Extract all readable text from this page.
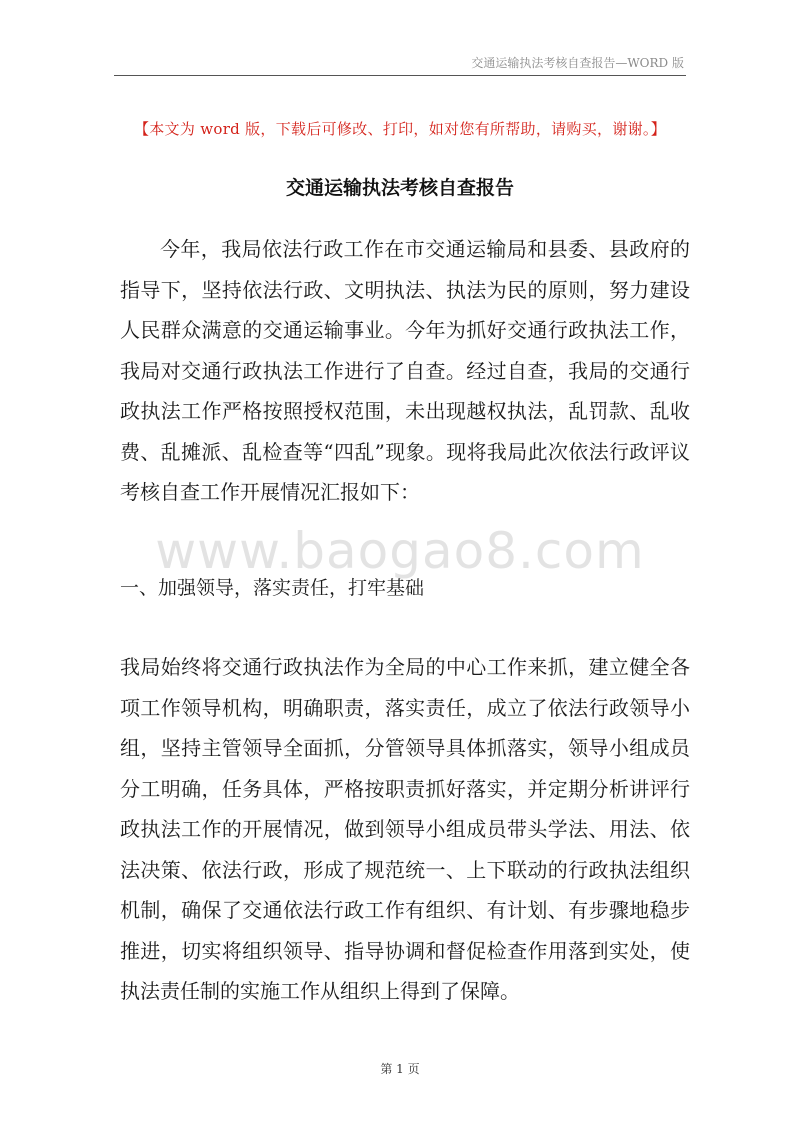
交通运输执法考核自查报告—WORD 版
【本文为 word 版，下载后可修改、打印，如对您有所帮助，请购买，谢谢。】
交通运输执法考核自查报告

今年，我局依法行政工作在市交通运输局和县委、县政府的指导下，坚持依法行政、文明执法、执法为民的原则，努力建设人民群众满意的交通运输事业。今年为抓好交通行政执法工作，我局对交通行政执法工作进行了自查。经过自查，我局的交通行政执法工作严格按照授权范围，未出现越权执法，乱罚款、乱收费、乱摊派、乱检查等“四乱”现象。现将我局此次依法行政评议考核自查工作开展情况汇报如下：

www.baogao8.com
一、加强领导，落实责任，打牢基础

我局始终将交通行政执法作为全局的中心工作来抓，建立健全各项工作领导机构，明确职责，落实责任，成立了依法行政领导小组，坚持主管领导全面抓，分管领导具体抓落实，领导小组成员分工明确，任务具体，严格按职责抓好落实，并定期分析讲评行政执法工作的开展情况，做到领导小组成员带头学法、用法、依法决策、依法行政，形成了规范统一、上下联动的行政执法组织机制，确保了交通依法行政工作有组织、有计划、有步骤地稳步推进，切实将组织领导、指导协调和督促检查作用落到实处，使执法责任制的实施工作从组织上得到了保障。

第 1 页
